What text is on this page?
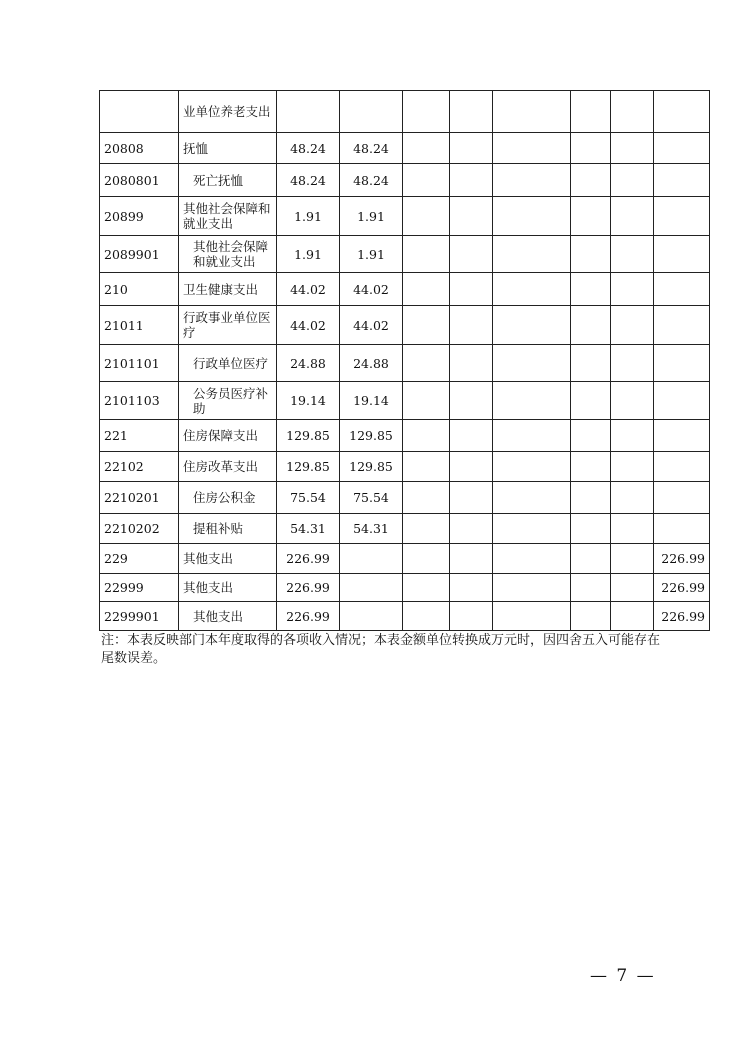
	业单位养老支出								
20808	抚恤	48.24	48.24						
2080801	死亡抚恤	48.24	48.24						
20899	其他社会保障和就业支出	1.91	1.91						
2089901	其他社会保障和就业支出	1.91	1.91						
210	卫生健康支出	44.02	44.02						
21011	行政事业单位医疗	44.02	44.02						
2101101	行政单位医疗	24.88	24.88						
2101103	公务员医疗补助	19.14	19.14						
221	住房保障支出	129.85	129.85						
22102	住房改革支出	129.85	129.85						
2210201	住房公积金	75.54	75.54						
2210202	提租补贴	54.31	54.31						
229	其他支出	226.99							226.99
22999	其他支出	226.99							226.99
2299901	其他支出	226.99							226.99
注：本表反映部门本年度取得的各项收入情况；本表金额单位转换成万元时，因四舍五入可能存在尾数误差。
— 7 —
